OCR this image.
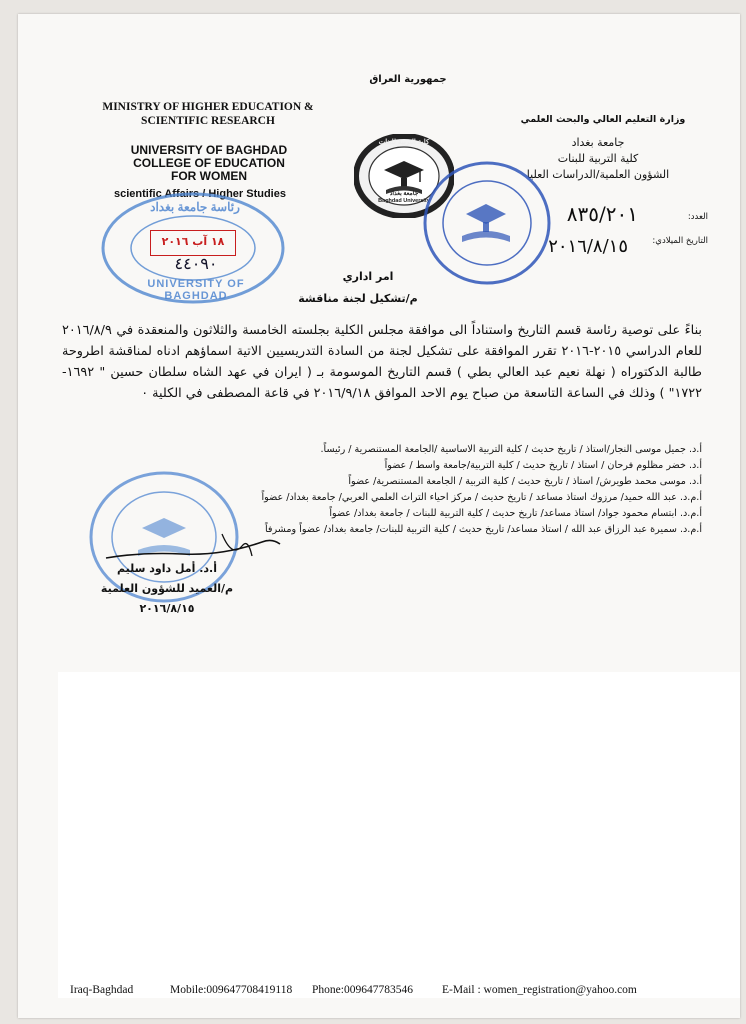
جمهورية العراق
MINISTRY OF HIGHER EDUCATION &
SCIENTIFIC RESEARCH
UNIVERSITY OF BAGHDAD
COLLEGE OF EDUCATION
FOR WOMEN
scientific Affairs / Higher Studies
وزارة التعليم العالي والبحث العلمي
جامعة بغداد
كلية التربية للبنات
الشؤون العلمية/الدراسات العليا
العدد:
التاريخ الميلادي:
٨٣٥/٢٠١
٢٠١٦/٨/١٥
كلية التربية للبنات
جامعة بغداد
Baghdad University
رئاسة جامعة بغداد
UNIVERSITY OF BAGHDAD
١٨ آب ٢٠١٦
٤٤٠٩٠
امر اداري
م/تشكيل لجنة مناقشة
بناءً على توصية رئاسة قسم التاريخ واستناداً الى موافقة مجلس الكلية بجلسته الخامسة والثلاثون والمنعقدة في ٢٠١٦/٨/٩ للعام الدراسي ٢٠١٥-٢٠١٦ تقرر الموافقة على تشكيل لجنة من السادة التدريسيين الاتية اسماؤهم ادناه لمناقشة اطروحة طالبة الدكتوراه ( نهلة نعيم عبد العالي بطي ) قسم التاريخ الموسومة بـ ( ايران في عهد الشاه سلطان حسين " ١٦٩٢- ١٧٢٢" ) وذلك في الساعة التاسعة من صباح يوم الاحد الموافق ٢٠١٦/٩/١٨ في قاعة المصطفى في الكلية ٠
أ.د. جميل موسى النجار/استاذ / تاريخ حديث / كلية التربية الاساسية /الجامعة المستنصرية / رئيساً.
أ.د. خضر مظلوم فرحان / استاذ / تاريخ حديث / كلية التربية/جامعة واسط / عضواً
أ.د. موسى محمد طويرش/ استاذ / تاريخ حديث / كلية التربية / الجامعة المستنصرية/ عضواً
أ.م.د. عبد الله حميد/ مرزوك استاذ مساعد / تاريخ حديث / مركز احياء التراث العلمي العربي/ جامعة بغداد/ عضواً
أ.م.د. ابتسام محمود جواد/ استاذ مساعد/ تاريخ حديث / كلية التربية للبنات / جامعة بغداد/ عضواً
أ.م.د. سميرة عبد الرزاق عبد الله / استاذ مساعد/ تاريخ حديث / كلية التربية للبنات/ جامعة بغداد/ عضواً ومشرفاً
أ.د. أمل داود سليم
م/العميد للشؤون العلمية
٢٠١٦/٨/١٥
Iraq-Baghdad	Mobile:009647708419118 Phone:009647783546	E-Mail : women_registration@yahoo.com
